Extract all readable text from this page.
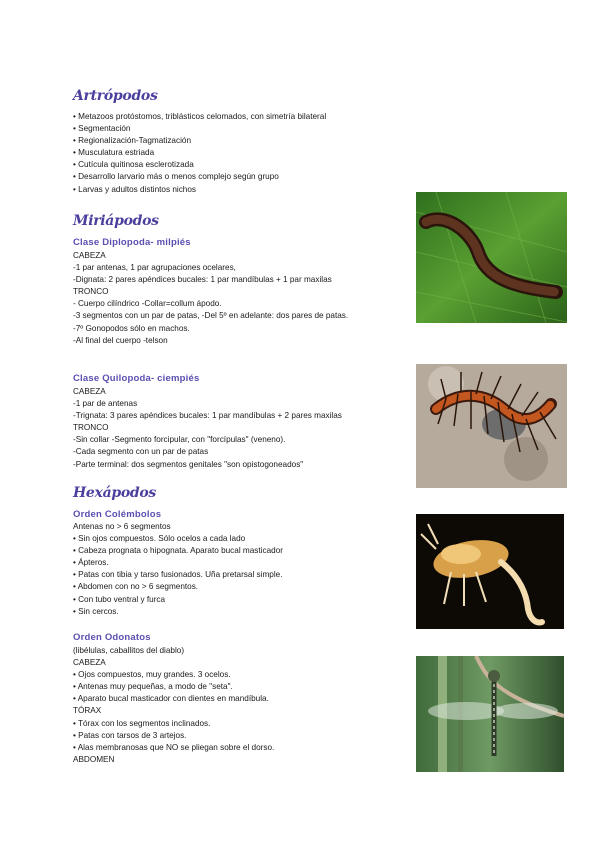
Artrópodos
• Metazoos protóstomos, triblásticos celomados, con simetría bilateral
• Segmentación
• Regionalización-Tagmatización
• Musculatura estriada
• Cutícula quitinosa esclerotizada
• Desarrollo larvario más o menos complejo según grupo
• Larvas y adultos distintos nichos
Miriápodos
Clase Diplopoda- milpiés
CABEZA
-1 par antenas, 1 par agrupaciones ocelares,
-Dignata: 2 pares apéndices bucales: 1 par mandíbulas + 1 par maxilas
TRONCO
- Cuerpo cilíndrico -Collar=collum ápodo.
-3 segmentos con un par de patas, -Del 5º en adelante: dos pares de patas.
-7º Gonopodos sólo en machos.
-Al final del cuerpo -telson
Clase Quilopoda- ciempiés
CABEZA
-1 par de antenas
-Trignata: 3 pares apéndices bucales: 1 par mandíbulas + 2 pares maxilas
TRONCO
-Sin collar -Segmento forcipular, con "forcípulas" (veneno).
-Cada segmento con un par de patas
-Parte terminal: dos segmentos genitales "son opistogoneados"
Hexápodos
Orden Colémbolos
Antenas no > 6 segmentos
• Sin ojos compuestos. Sólo ocelos a cada lado
• Cabeza prognata o hipognata. Aparato bucal masticador
• Ápteros.
• Patas con tibia y tarso fusionados. Uña pretarsal simple.
• Abdomen con no > 6 segmentos.
• Con tubo ventral y furca
• Sin cercos.
Orden Odonatos
(libélulas, caballitos del diablo)
CABEZA
• Ojos compuestos, muy grandes. 3 ocelos.
• Antenas muy pequeñas, a modo de "seta".
• Aparato bucal masticador con dientes en mandíbula.
TÓRAX
• Tórax con los segmentos inclinados.
• Patas con tarsos de 3 artejos.
• Alas membranosas que NO se pliegan sobre el dorso.
ABDOMEN
